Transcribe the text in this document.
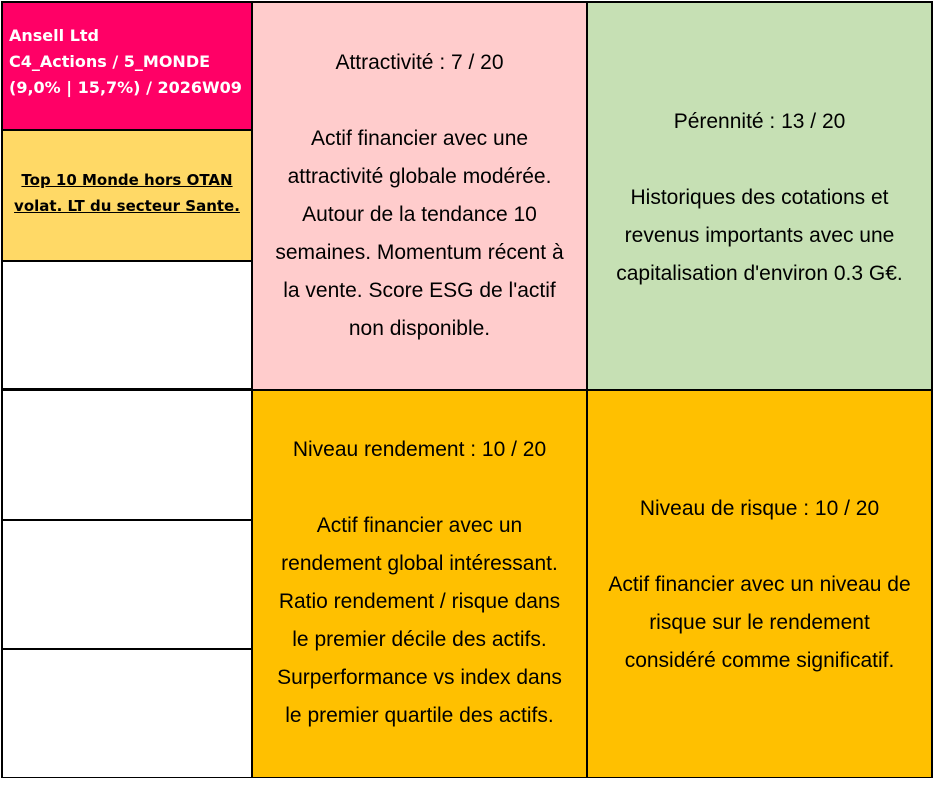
Ansell Ltd
C4_Actions / 5_MONDE
(9,0% | 15,7%) / 2026W09
Top 10 Monde hors OTAN
volat. LT du secteur Sante.
Attractivité : 7 / 20
Actif financier avec une
attractivité globale modérée.
Autour de la tendance 10
semaines. Momentum récent à
la vente. Score ESG de l'actif
non disponible.
Pérennité : 13 / 20
Historiques des cotations et
revenus importants avec une
capitalisation d'environ 0.3 G€.
Niveau rendement : 10 / 20
Actif financier avec un
rendement global intéressant.
Ratio rendement / risque dans
le premier décile des actifs.
Surperformance vs index dans
le premier quartile des actifs.
Niveau de risque : 10 / 20
Actif financier avec un niveau de
risque sur le rendement
considéré comme significatif.
